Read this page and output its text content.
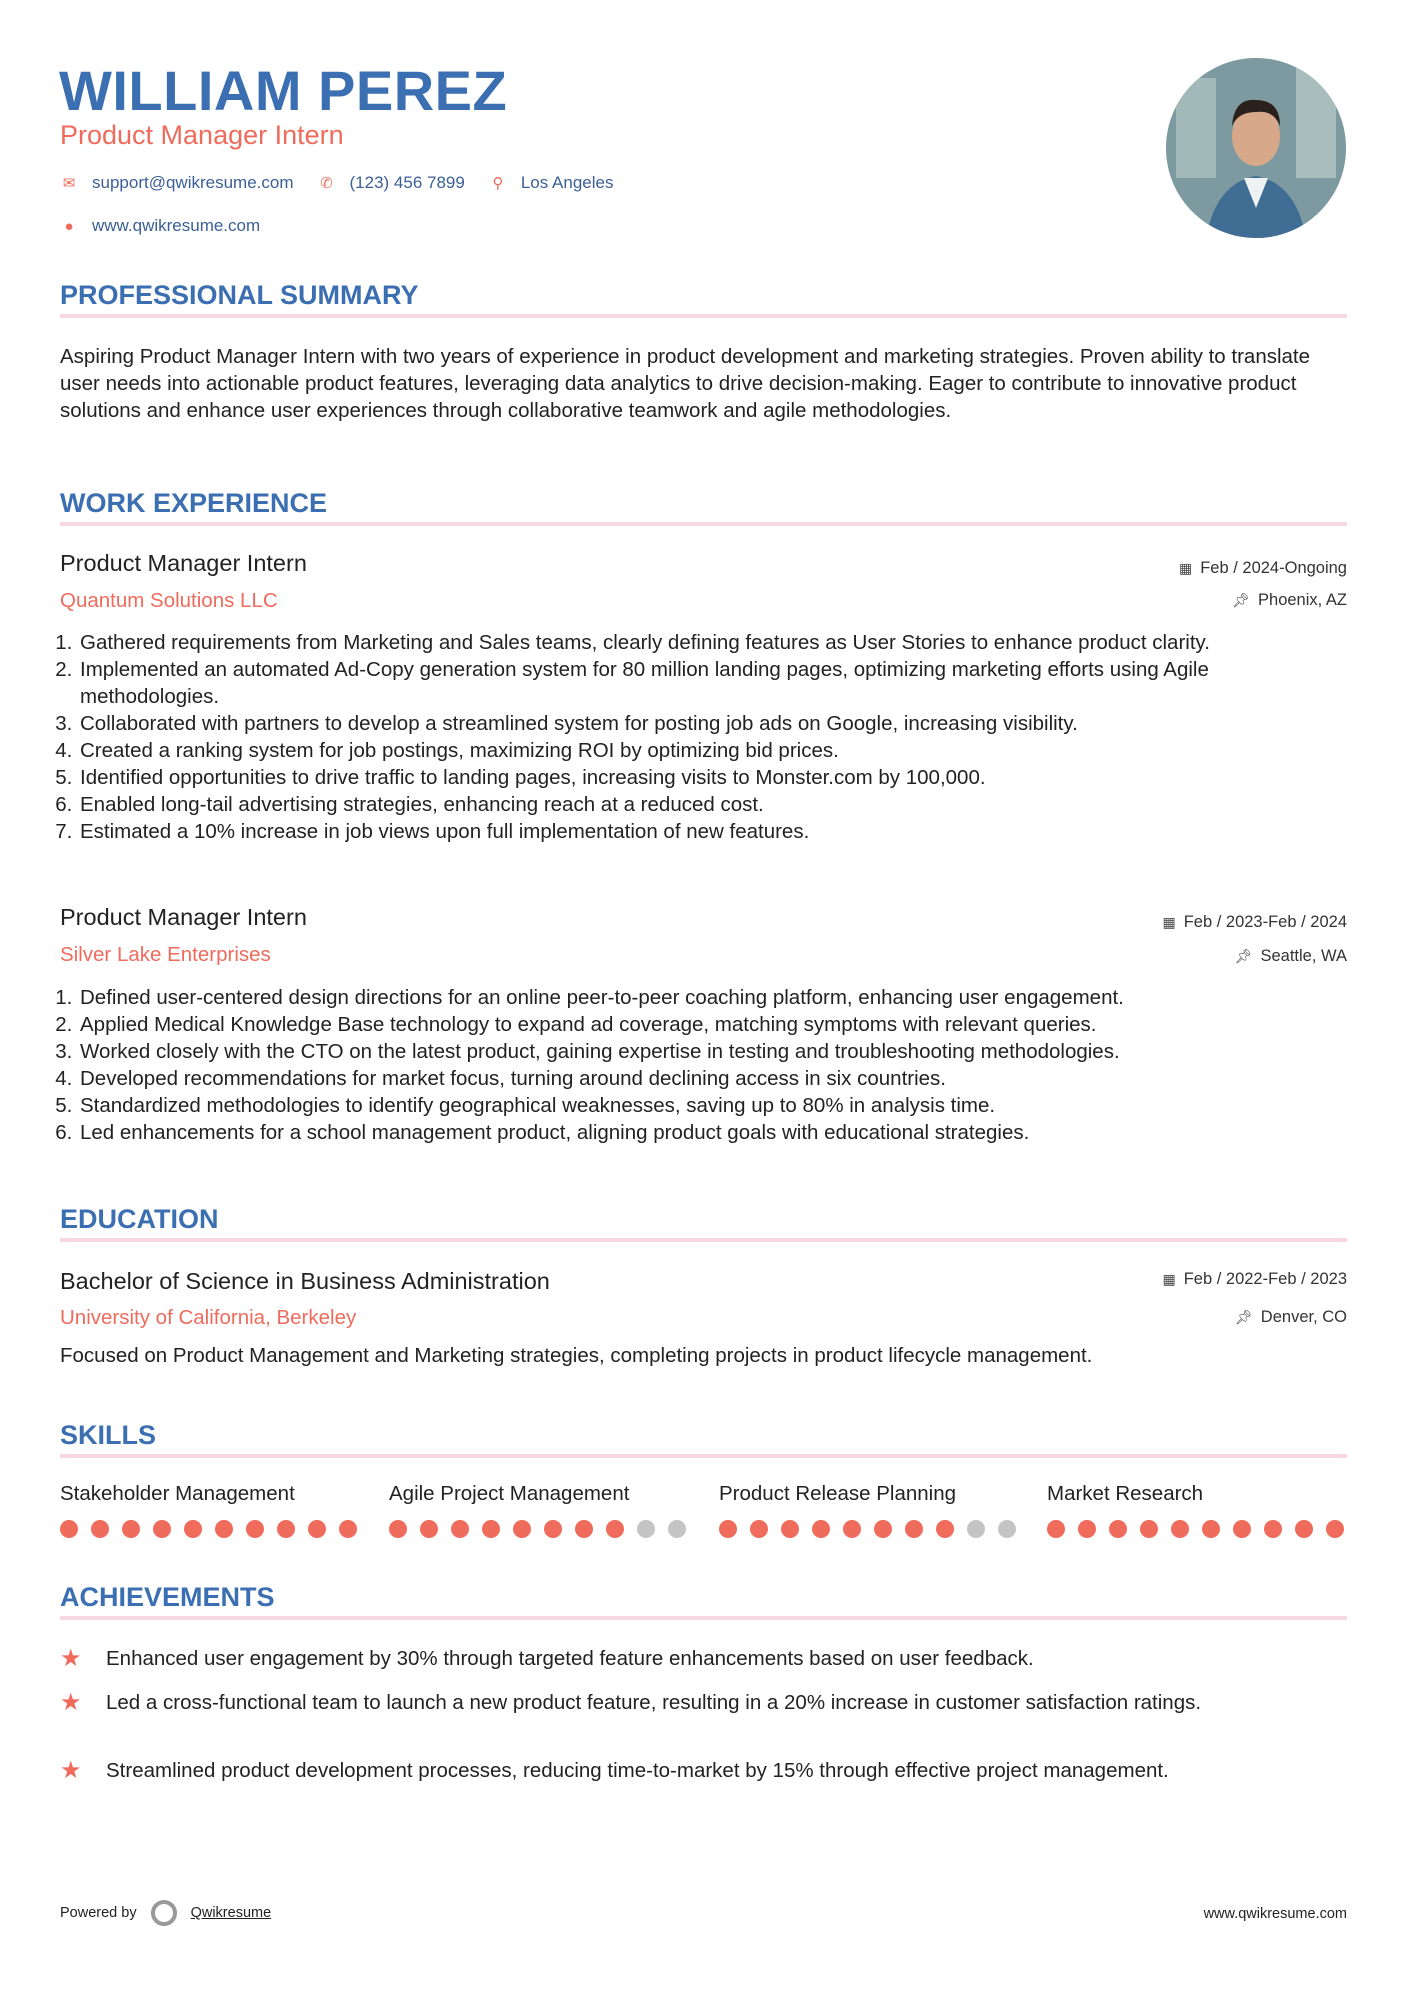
WILLIAM PEREZ
Product Manager Intern
✉ support@qwikresume.com ✆ (123) 456 7899 ⚲ Los Angeles
● www.qwikresume.com
PROFESSIONAL SUMMARY
Aspiring Product Manager Intern with two years of experience in product development and marketing strategies. Proven ability to translate user needs into actionable product features, leveraging data analytics to drive decision-making. Eager to contribute to innovative product solutions and enhance user experiences through collaborative teamwork and agile methodologies.
WORK EXPERIENCE
Product Manager Intern	▦ Feb / 2024-Ongoing
Quantum Solutions LLC	📌︎ Phoenix, AZ
1. Gathered requirements from Marketing and Sales teams, clearly defining features as User Stories to enhance product clarity.
2. Implemented an automated Ad-Copy generation system for 80 million landing pages, optimizing marketing efforts using Agile methodologies.
3. Collaborated with partners to develop a streamlined system for posting job ads on Google, increasing visibility.
4. Created a ranking system for job postings, maximizing ROI by optimizing bid prices.
5. Identified opportunities to drive traffic to landing pages, increasing visits to Monster.com by 100,000.
6. Enabled long-tail advertising strategies, enhancing reach at a reduced cost.
7. Estimated a 10% increase in job views upon full implementation of new features.
Product Manager Intern	▦ Feb / 2023-Feb / 2024
Silver Lake Enterprises	📌︎ Seattle, WA
1. Defined user-centered design directions for an online peer-to-peer coaching platform, enhancing user engagement.
2. Applied Medical Knowledge Base technology to expand ad coverage, matching symptoms with relevant queries.
3. Worked closely with the CTO on the latest product, gaining expertise in testing and troubleshooting methodologies.
4. Developed recommendations for market focus, turning around declining access in six countries.
5. Standardized methodologies to identify geographical weaknesses, saving up to 80% in analysis time.
6. Led enhancements for a school management product, aligning product goals with educational strategies.
EDUCATION
Bachelor of Science in Business Administration	▦ Feb / 2022-Feb / 2023
University of California, Berkeley	📌︎ Denver, CO
Focused on Product Management and Marketing strategies, completing projects in product lifecycle management.
SKILLS
Stakeholder Management	Agile Project Management	Product Release Planning	Market Research
ACHIEVEMENTS
★	Enhanced user engagement by 30% through targeted feature enhancements based on user feedback.
★	Led a cross-functional team to launch a new product feature, resulting in a 20% increase in customer satisfaction ratings.
★	Streamlined product development processes, reducing time-to-market by 15% through effective project management.
Powered by	Qwikresume	www.qwikresume.com
